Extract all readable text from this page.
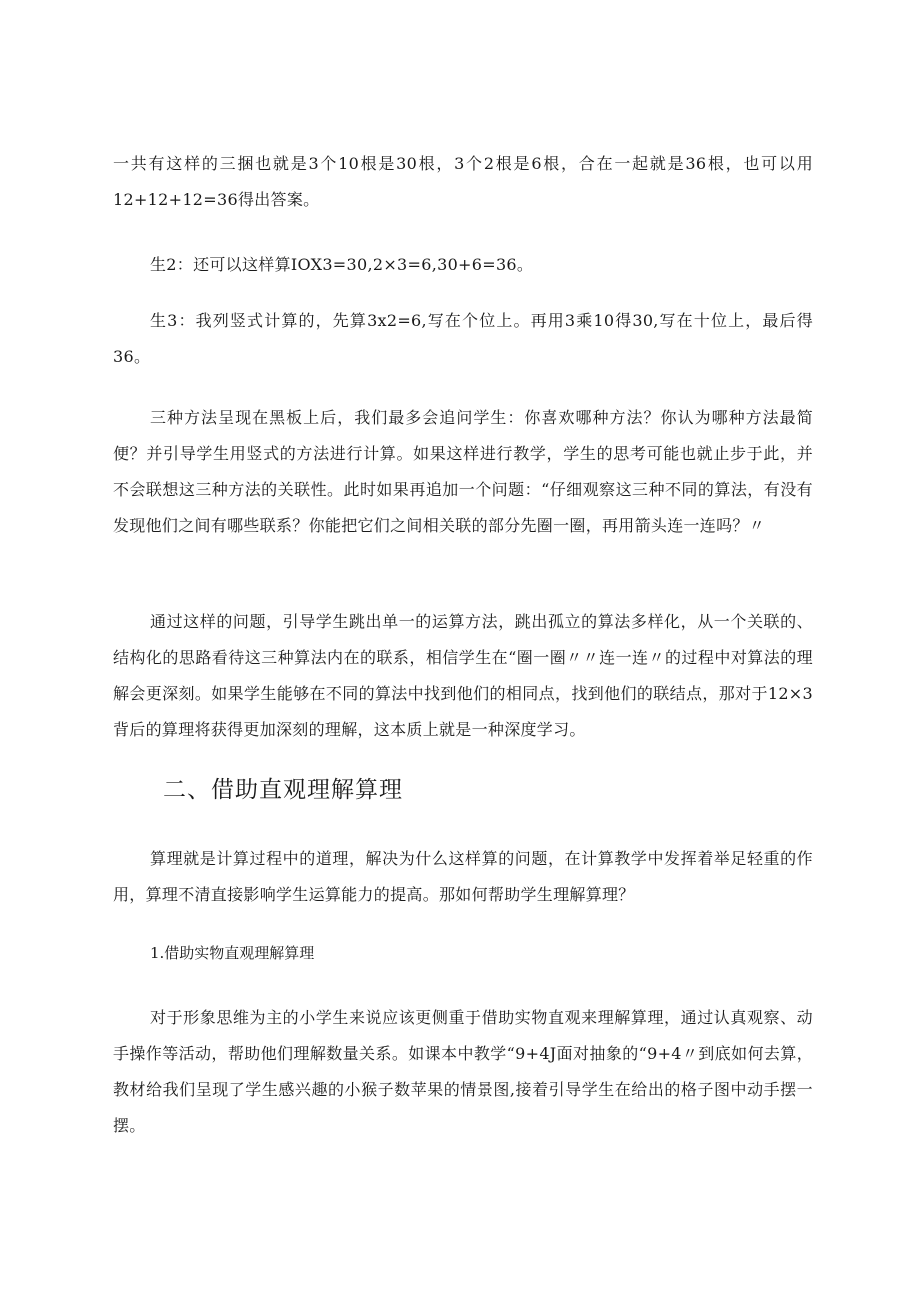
一共有这样的三捆也就是3个10根是30根，3个2根是6根，合在一起就是36根，也可以用12+12+12=36得出答案。

生2：还可以这样算IOX3=30,2×3=6,30+6=36。

生3：我列竖式计算的，先算3x2=6,写在个位上。再用3乘10得30,写在十位上，最后得36。

三种方法呈现在黑板上后，我们最多会追问学生：你喜欢哪种方法？你认为哪种方法最简便？并引导学生用竖式的方法进行计算。如果这样进行教学，学生的思考可能也就止步于此，并不会联想这三种方法的关联性。此时如果再追加一个问题：“仔细观察这三种不同的算法，有没有发现他们之间有哪些联系？你能把它们之间相关联的部分先圈一圈，再用箭头连一连吗？〃

通过这样的问题，引导学生跳出单一的运算方法，跳出孤立的算法多样化，从一个关联的、结构化的思路看待这三种算法内在的联系，相信学生在“圈一圈〃〃连一连〃的过程中对算法的理解会更深刻。如果学生能够在不同的算法中找到他们的相同点，找到他们的联结点，那对于12×3背后的算理将获得更加深刻的理解，这本质上就是一种深度学习。

二、借助直观理解算理

算理就是计算过程中的道理，解决为什么这样算的问题，在计算教学中发挥着举足轻重的作用，算理不清直接影响学生运算能力的提高。那如何帮助学生理解算理？

1.借助实物直观理解算理

对于形象思维为主的小学生来说应该更侧重于借助实物直观来理解算理，通过认真观察、动手操作等活动，帮助他们理解数量关系。如课本中教学“9+4J面对抽象的“9+4〃到底如何去算，教材给我们呈现了学生感兴趣的小猴子数苹果的情景图,接着引导学生在给出的格子图中动手摆一摆。
